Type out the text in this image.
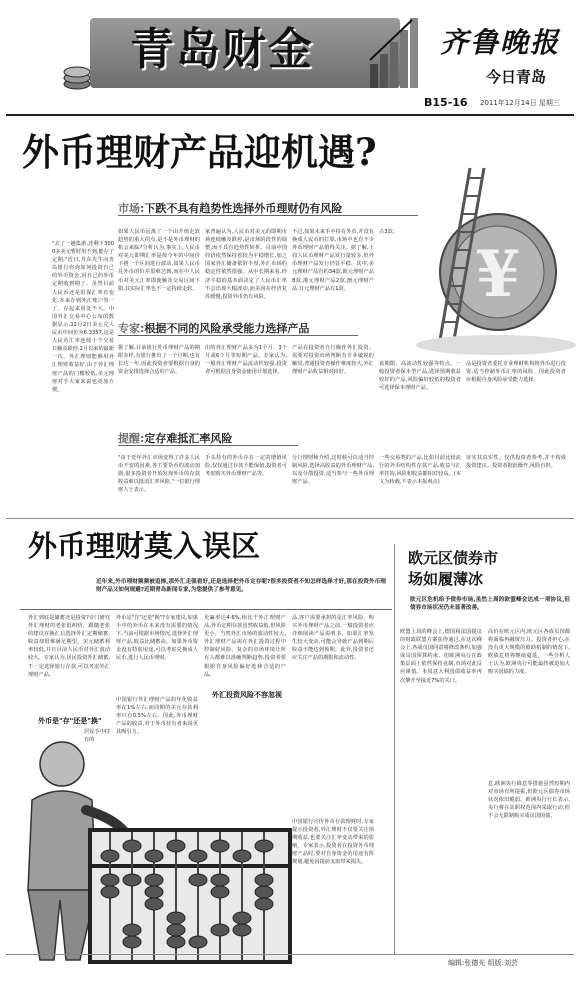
青岛财金	齐鲁晚报
今日青岛
B15-16 2011年12月14日 星期三
外币理财产品迎机遇?
¥
市场:下跌不具有趋势性选择外币理财仍有风险
"去了一趟集游,还剩下3000多美元暂时用不到,能存了定期,"近日,丹东先生向青岛银行咨询如何投资自己的外币资金,因自己的外币定期收到期了。虽然目前人民币还是很保汇率有变化,本来存到外汇账户里一了、存起来用处不大。中国外汇交易中心公布的数据显示,12月2日美元兑人民币中间价为6.3357,这是人民币汇率连续十个交易日触及跌停,2月以来的最新一次。外汇理财能够用外汇理财收益好,由于外汇理财产品的门槛较低,美元理财对手大家来说也更加方便。
如果人民币远离了一个由升值走软趋势的重大拐点,是不是外币理财的机会来临?分析认为,事实上,人民币对美元即期汇率是按今年的中间价下挑一个区间进行波动,如果人民币兑外币的价差很难达到,而在中人民币对美元汇率即使触及交易区间下限,其实际汇率也不一定持续走软。
家普遍认为,人民币对美元的即期市场连续触及跌停,是市场阶段性的调整,而不具有趋势性转折。目前中国经济依然保持着较为平稳增长,加之国家外汇储备依旧丰厚,外汇市场的稳定性依然很强。从中长期来看,经济平稳的基本面决定了人民币汇率不会出现大幅波动,而美国在经济复苏缓慢,投资外币仍有风险。
不过,如果未来手中持有外币,并没有换成人民币的打算,市场中也有不少外币理财产品值得关注。据了解,上周人民币理财产品发行量较多,但外币理财产品发行仍显平稳。其中,美元理财产品有约34款,欧元理财产品8款,港元理财产品2款,澳元理财产品,日元理财产品有1款。
占3款。
专家:根据不同的风险承受能力选择产品
据了解,目前银行外币理财产品的期限多样,有银行推出了一个月期,也有长达一年,因此投资者要根据自身的资金安排选择合适的产品。
出的外汇理财产品多为1个月、3个月或6个月等短期产品。专家认为,一般外汇理财产品流动性较强,投资者可根据自身资金使用计划选择。
产品在投资者自行操作外汇投资。需要对投资市场判断有专业敏锐的触觉,普通投资者操作难度较大,外汇理财产品收益相对较好。
该期限、高流动性较强等特点。一般投资者保本型产品,选择预期收益较好的产品,风险偏好较低的投资者可选择保本理财产品。
品是投资者委托专业理财机构将外币进行投资,适当控制外币汇率的风险。因此投资者应根据自身风险承受能力选择。
提醒:定存难抵汇率风险
"由于近年外汇市场变得了许多人民币不安的因素,各主要货币的波动加剧,很多投资者开始发现外币的存款收益难以抵消汇率风险,"一位银行理财人士表示。
手头持有的外币存在一定的增值风险,仅仅通过存款不能保值,投资者可考虑购买外币理财产品等。
分行理财师介绍,这时候可以适当控制风险,选择高收益的外币理财产品,以及分散投资,适当参与一些外币理财产品。
一些交易类的产品,比如目前比较流行的外币结构性存款产品,收益与汇率挂钩,风险和收益都相对较高。(本文为转载,不表示本报观点)
证实其真实性。仅供投资者参考,并不构成投资建议。投资者据此操作,风险自担。
外币理财莫入误区
近年来,外币理财频频被追捧,那外汇走强看好,还是选择把外币定存呢?很多投资者不知怎样选择才好,那在投资外币理财产品又如何规避?近期青岛新闻专家,为您提供了参考意见。
外汇到底是储蓄还是投资?专门研究外汇理财的老张很纠结。跟随老张的建议在换汇后选择外汇定期储蓄,收益却很难满足期望。美元储蓄利率较低,并且目前人民币对外汇波动较大。专家认为,居民投资外汇储蓄,不一定选择银行存款,可以考虑外汇理财产品。
外币是"存"还是"换"
居民手中持有的
外币是"存"还是"换"?专家建议,如果手中的外币在未来没有需要的情况下,当前可根据市场情况,选择外汇理财产品,收益比储蓄高。如果外币资金没有特别用途,可以考虑兑换成人民币,进行人民币理财。
中国银行外汇理财产品的年化收益率在1%左右,而同期的美元存款利率只有0.5%左右。因此,外币理财产品的收益,对于外币持有者来说更具吸引力。
外汇投资风险不容忽视
更赢率达4.6%,相比于外汇理财产品,外币定期存款虽然收益低,但风险更小。当然外汇市场的波动性较大,外汇理财产品需在外汇投资过程中控制好风险。复杂的市场环境让所有人都难以准确判断趋势,投资者要根据自身风险偏好选择合适的产品。
品,客户需要承担的是汇率风险。购买外币理财产品之前,一般投资者应详细阅读产品说明书。如果汇率发生较大变动,可能会导致产品到期后收益不能达到预期。此外,投资者还应关注产品的期限和流动性。
中国银行宣传外币存款理财时,专家提示投资者,外汇理财不仅要关注预期收益,也要关注汇率变动带来的影响。专家表示,投资者在投资外币理财产品时,要对自身资金的用途有所规划,避免因提前支取带来损失。
欧元区债券市场如履薄冰
欧元区危机给予债券市场,虽然上周的欧盟峰会达成一项协议,但债券市场状况仍未显著改善。
欧盟上周的峰会上,德国和法国提议的财政联盟方案获得通过,在这次峰会上,各成员国同意将修改条约,加强成员国预算约束。但欧洲央行在政策层面上依然保持克制,市场对此反应谨慎。本周意大利国债收益率再次攀升至接近7%的关口。
高价在欧元区内,欧元区各成员国都将面临再融资压力。投资者担心,在没有更大规模的救助机制的情况下,欧债危机将继续蔓延。一些分析人士认为,欧洲央行可能最终被迫加大购买国债的力度。
息,欧洲央行降息等措施虽然短期内对市场有所提振,但欧元区债券市场状况依旧脆弱。欧洲央行行长表示,央行将在其职权范围内采取行动,但不会无限制购买成员国国债。
编辑:张德光 组版:刘芸
